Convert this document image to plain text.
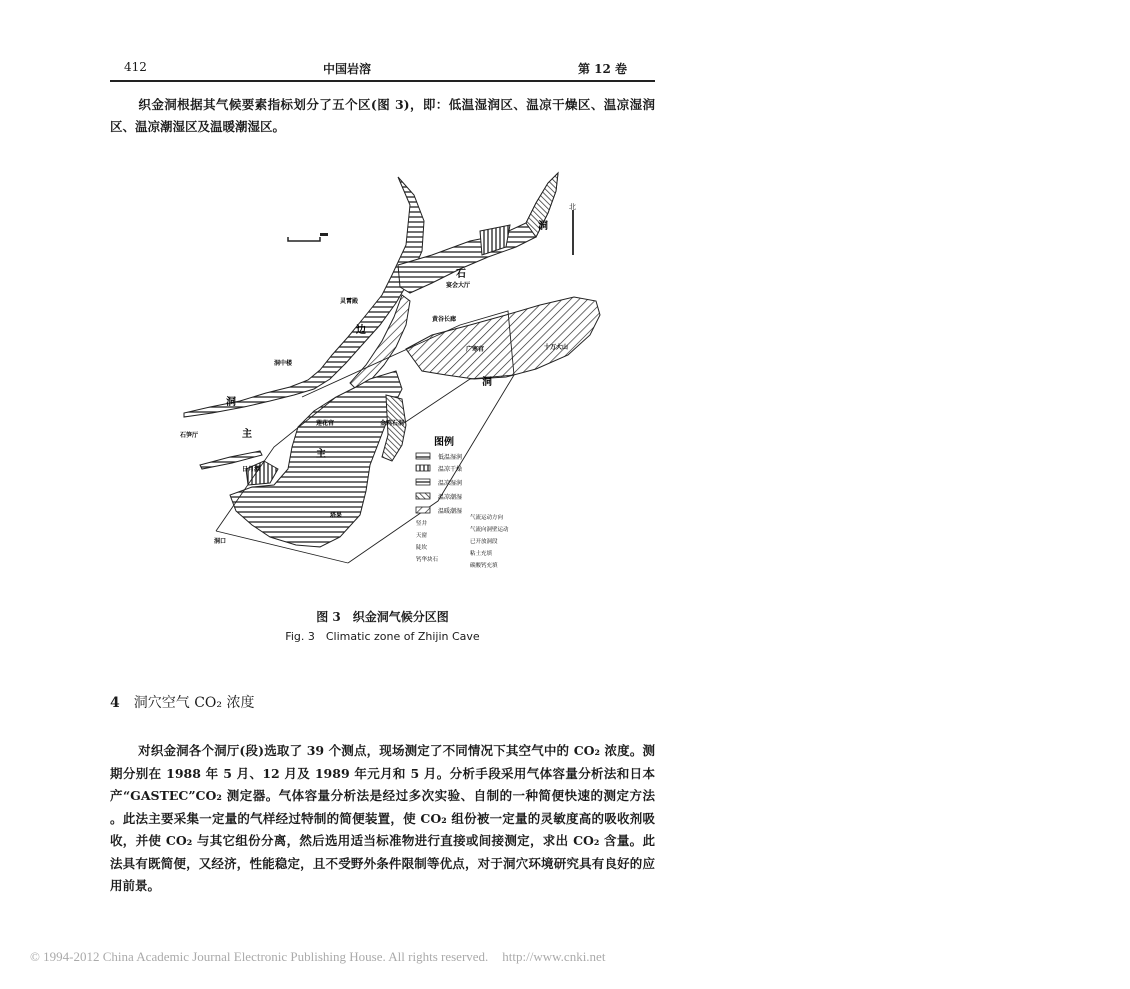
412	中国岩溶	第 12 卷
织金洞根据其气候要素指标划分了五个区(图 3)，即：低温湿润区、温凉干燥区、温凉湿润区、温凉潮湿区及温暖潮湿区。
北
洞
石
边
洞
洞
主
主
宴会大厅
黄谷长廊
广寒宫	十万大山
洞中楼
灵霄殿
石笋厅
日月潭
塔果
洞口
金鸡石洞
莲花宫
图例
低温湿润
温凉干燥
温凉湿润
温凉潮湿
温暖潮湿
竖井
天窗
陡坎
钙华块石
气流运动方向
气流向洞壁运动
已开放洞段
粘土充填
碳酸钙充填
图 3　织金洞气候分区图
Fig. 3　Climatic zone of Zhijin Cave
4 洞穴空气 CO₂ 浓度
对织金洞各个洞厅(段)选取了 39 个测点，现场测定了不同情况下其空气中的 CO₂ 浓度。测期分别在 1988 年 5 月、12 月及 1989 年元月和 5 月。分析手段采用气体容量分析法和日本产“GASTEC”CO₂ 测定器。气体容量分析法是经过多次实验、自制的一种简便快速的测定方法 。此法主要采集一定量的气样经过特制的简便装置，使 CO₂ 组份被一定量的灵敏度高的吸收剂吸收，并使 CO₂ 与其它组份分离，然后选用适当标准物进行直接或间接测定，求出 CO₂ 含量。此法具有既简便，又经济，性能稳定，且不受野外条件限制等优点，对于洞穴环境研究具有良好的应用前景。
© 1994-2012 China Academic Journal Electronic Publishing House. All rights reserved. http://www.cnki.net
